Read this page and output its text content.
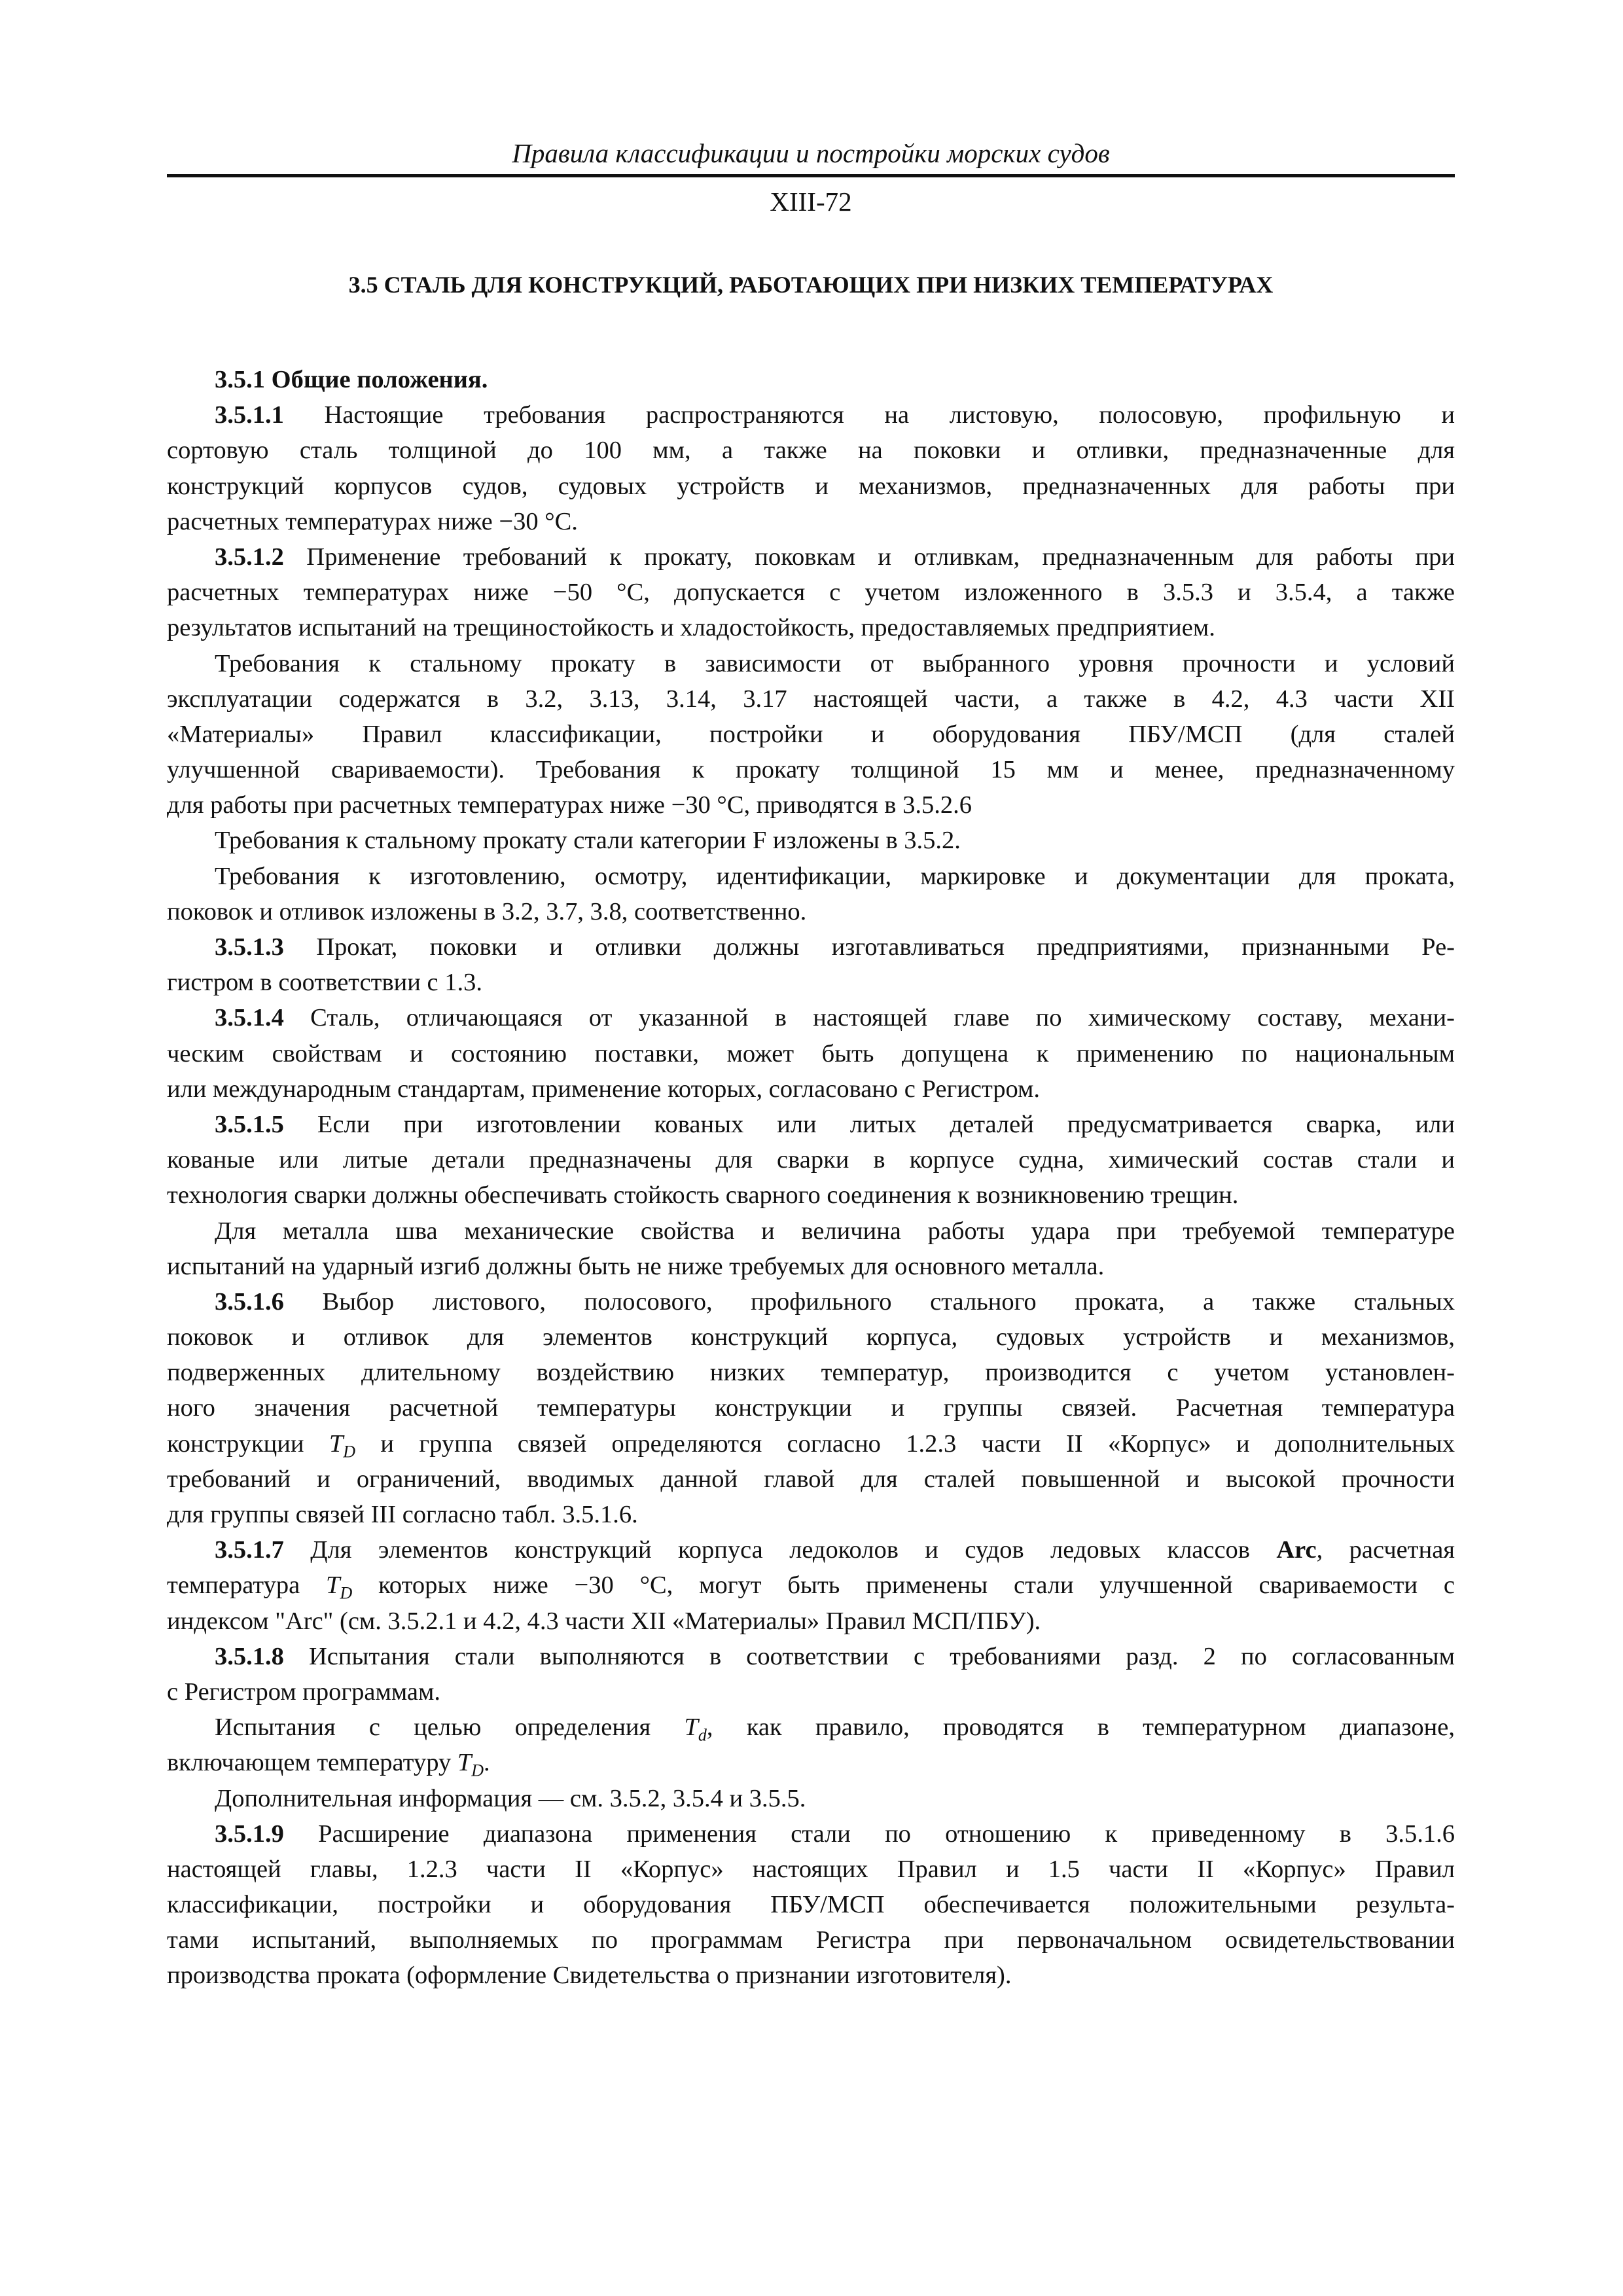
Правила классификации и постройки морских судов
XIII-72
3.5 СТАЛЬ ДЛЯ КОНСТРУКЦИЙ, РАБОТАЮЩИХ ПРИ НИЗКИХ ТЕМПЕРАТУРАХ
3.5.1 Общие положения.
3.5.1.1 Настоящие требования распространяются на листовую, полосовую, профильную и
сортовую сталь толщиной до 100 мм, а также на поковки и отливки, предназначенные для
конструкций корпусов судов, судовых устройств и механизмов, предназначенных для работы при
расчетных температурах ниже −30 °С.
3.5.1.2 Применение требований к прокату, поковкам и отливкам, предназначенным для работы при
расчетных температурах ниже −50 °С, допускается с учетом изложенного в 3.5.3 и 3.5.4, а также
результатов испытаний на трещиностойкость и хладостойкость, предоставляемых предприятием.
Требования к стальному прокату в зависимости от выбранного уровня прочности и условий
эксплуатации содержатся в 3.2, 3.13, 3.14, 3.17 настоящей части, а также в 4.2, 4.3 части XII
«Материалы» Правил классификации, постройки и оборудования ПБУ/МСП (для сталей
улучшенной свариваемости). Требования к прокату толщиной 15 мм и менее, предназначенному
для работы при расчетных температурах ниже −30 °С, приводятся в 3.5.2.6
Требования к стальному прокату стали категории F изложены в 3.5.2.
Требования к изготовлению, осмотру, идентификации, маркировке и документации для проката,
поковок и отливок изложены в 3.2, 3.7, 3.8, соответственно.
3.5.1.3 Прокат, поковки и отливки должны изготавливаться предприятиями, признанными Ре-
гистром в соответствии с 1.3.
3.5.1.4 Сталь, отличающаяся от указанной в настоящей главе по химическому составу, механи-
ческим свойствам и состоянию поставки, может быть допущена к применению по национальным
или международным стандартам, применение которых, согласовано с Регистром.
3.5.1.5 Если при изготовлении кованых или литых деталей предусматривается сварка, или
кованые или литые детали предназначены для сварки в корпусе судна, химический состав стали и
технология сварки должны обеспечивать стойкость сварного соединения к возникновению трещин.
Для металла шва механические свойства и величина работы удара при требуемой температуре
испытаний на ударный изгиб должны быть не ниже требуемых для основного металла.
3.5.1.6 Выбор листового, полосового, профильного стального проката, а также стальных
поковок и отливок для элементов конструкций корпуса, судовых устройств и механизмов,
подверженных длительному воздействию низких температур, производится с учетом установлен-
ного значения расчетной температуры конструкции и группы связей. Расчетная температура
конструкции $T_D$ и группа связей определяются согласно 1.2.3 части II «Корпус» и дополнительных
требований и ограничений, вводимых данной главой для сталей повышенной и высокой прочности
для группы связей III согласно табл. 3.5.1.6.
3.5.1.7 Для элементов конструкций корпуса ледоколов и судов ледовых классов Arc, расчетная
температура $T_D$ которых ниже −30 °С, могут быть применены стали улучшенной свариваемости с
индексом "Arc" (см. 3.5.2.1 и 4.2, 4.3 части XII «Материалы» Правил МСП/ПБУ).
3.5.1.8 Испытания стали выполняются в соответствии с требованиями разд. 2 по согласованным
с Регистром программам.
Испытания с целью определения $T_d$, как правило, проводятся в температурном диапазоне,
включающем температуру $T_D$.
Дополнительная информация — см. 3.5.2, 3.5.4 и 3.5.5.
3.5.1.9 Расширение диапазона применения стали по отношению к приведенному в 3.5.1.6
настоящей главы, 1.2.3 части II «Корпус» настоящих Правил и 1.5 части II «Корпус» Правил
классификации, постройки и оборудования ПБУ/МСП обеспечивается положительными результа-
тами испытаний, выполняемых по программам Регистра при первоначальном освидетельствовании
производства проката (оформление Свидетельства о признании изготовителя).
